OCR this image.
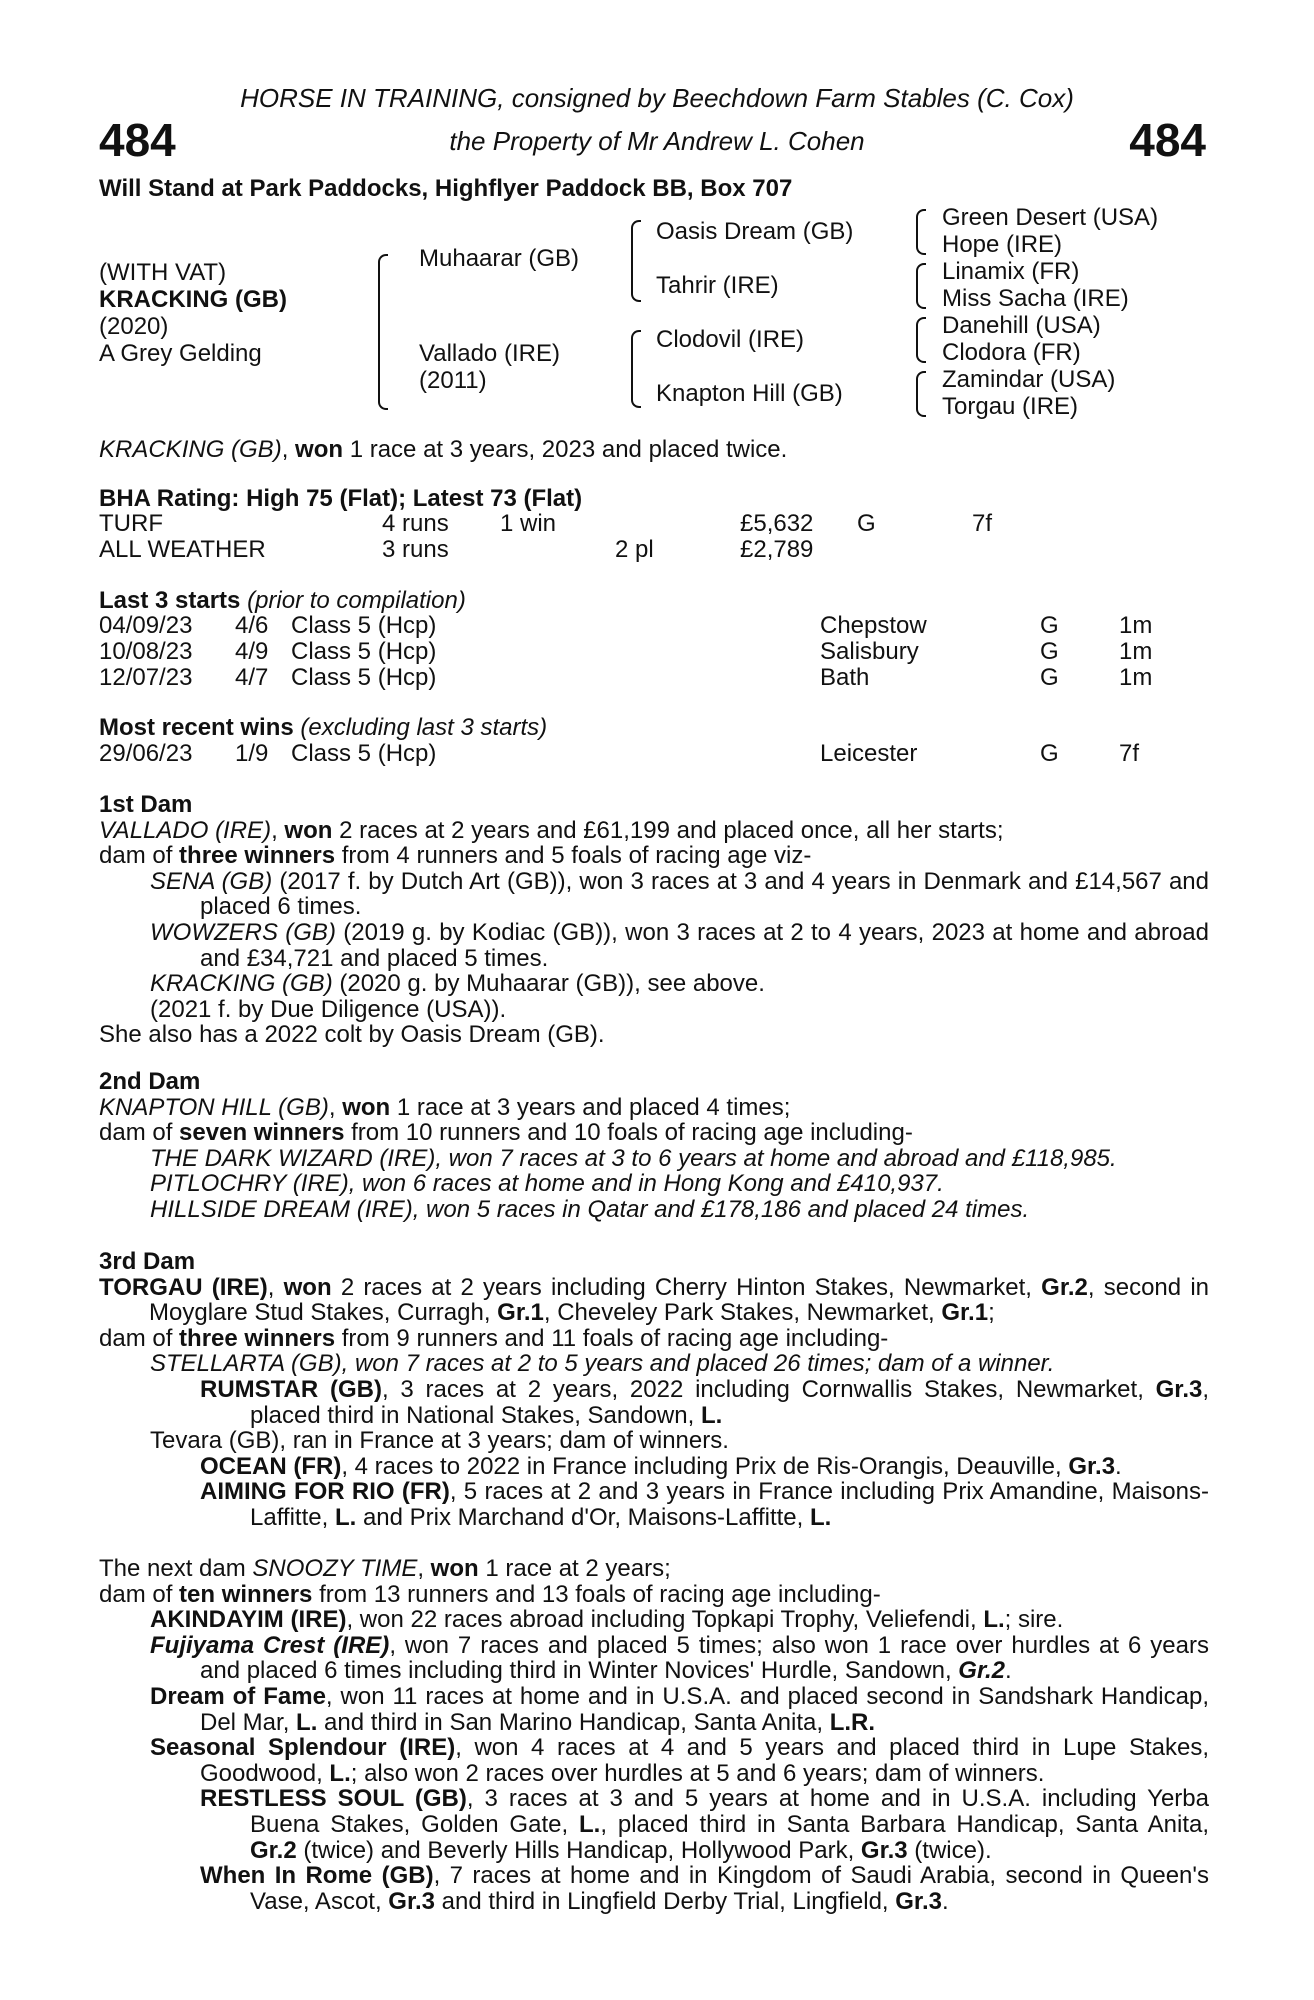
HORSE IN TRAINING, consigned by Beechdown Farm Stables (C. Cox)
the Property of Mr Andrew L. Cohen
484	484
Will Stand at Park Paddocks, Highflyer Paddock BB, Box 707
(WITH VAT)
KRACKING (GB)
(2020)
A Grey Gelding
Muhaarar (GB)
Vallado (IRE)
(2011)
Oasis Dream (GB)
Tahrir (IRE)
Clodovil (IRE)
Knapton Hill (GB)
Green Desert (USA)
Hope (IRE)
Linamix (FR)
Miss Sacha (IRE)
Danehill (USA)
Clodora (FR)
Zamindar (USA)
Torgau (IRE)
KRACKING (GB), won 1 race at 3 years, 2023 and placed twice.
BHA Rating: High 75 (Flat); Latest 73 (Flat)
TURF	4 runs 1 win	£5,632 G	7f
ALL WEATHER	3 runs	2 pl	£2,789
Last 3 starts (prior to compilation)
04/09/23 4/6 Class 5 (Hcp)	Chepstow	G	1m
10/08/23 4/9 Class 5 (Hcp)	Salisbury	G	1m
12/07/23 4/7 Class 5 (Hcp)	Bath	G	1m
Most recent wins (excluding last 3 starts)
29/06/23 1/9 Class 5 (Hcp)	Leicester	G	7f
1st Dam
VALLADO (IRE), won 2 races at 2 years and £61,199 and placed once, all her starts;
dam of three winners from 4 runners and 5 foals of racing age viz-
SENA (GB) (2017 f. by Dutch Art (GB)), won 3 races at 3 and 4 years in Denmark and £14,567 and placed 6 times.
WOWZERS (GB) (2019 g. by Kodiac (GB)), won 3 races at 2 to 4 years, 2023 at home and abroad and £34,721 and placed 5 times.
KRACKING (GB) (2020 g. by Muhaarar (GB)), see above.
(2021 f. by Due Diligence (USA)).
She also has a 2022 colt by Oasis Dream (GB).
2nd Dam
KNAPTON HILL (GB), won 1 race at 3 years and placed 4 times;
dam of seven winners from 10 runners and 10 foals of racing age including-
THE DARK WIZARD (IRE), won 7 races at 3 to 6 years at home and abroad and £118,985.
PITLOCHRY (IRE), won 6 races at home and in Hong Kong and £410,937.
HILLSIDE DREAM (IRE), won 5 races in Qatar and £178,186 and placed 24 times.
3rd Dam
TORGAU (IRE), won 2 races at 2 years including Cherry Hinton Stakes, Newmarket, Gr.2, second in Moyglare Stud Stakes, Curragh, Gr.1, Cheveley Park Stakes, Newmarket, Gr.1;
dam of three winners from 9 runners and 11 foals of racing age including-
STELLARTA (GB), won 7 races at 2 to 5 years and placed 26 times; dam of a winner.
RUMSTAR (GB), 3 races at 2 years, 2022 including Cornwallis Stakes, Newmarket, Gr.3, placed third in National Stakes, Sandown, L.
Tevara (GB), ran in France at 3 years; dam of winners.
OCEAN (FR), 4 races to 2022 in France including Prix de Ris-Orangis, Deauville, Gr.3.
AIMING FOR RIO (FR), 5 races at 2 and 3 years in France including Prix Amandine, Maisons-Laffitte, L. and Prix Marchand d'Or, Maisons-Laffitte, L.
The next dam SNOOZY TIME, won 1 race at 2 years;
dam of ten winners from 13 runners and 13 foals of racing age including-
AKINDAYIM (IRE), won 22 races abroad including Topkapi Trophy, Veliefendi, L.; sire.
Fujiyama Crest (IRE), won 7 races and placed 5 times; also won 1 race over hurdles at 6 years and placed 6 times including third in Winter Novices' Hurdle, Sandown, Gr.2.
Dream of Fame, won 11 races at home and in U.S.A. and placed second in Sandshark Handicap, Del Mar, L. and third in San Marino Handicap, Santa Anita, L.R.
Seasonal Splendour (IRE), won 4 races at 4 and 5 years and placed third in Lupe Stakes, Goodwood, L.; also won 2 races over hurdles at 5 and 6 years; dam of winners.
RESTLESS SOUL (GB), 3 races at 3 and 5 years at home and in U.S.A. including Yerba Buena Stakes, Golden Gate, L., placed third in Santa Barbara Handicap, Santa Anita, Gr.2 (twice) and Beverly Hills Handicap, Hollywood Park, Gr.3 (twice).
When In Rome (GB), 7 races at home and in Kingdom of Saudi Arabia, second in Queen's Vase, Ascot, Gr.3 and third in Lingfield Derby Trial, Lingfield, Gr.3.
